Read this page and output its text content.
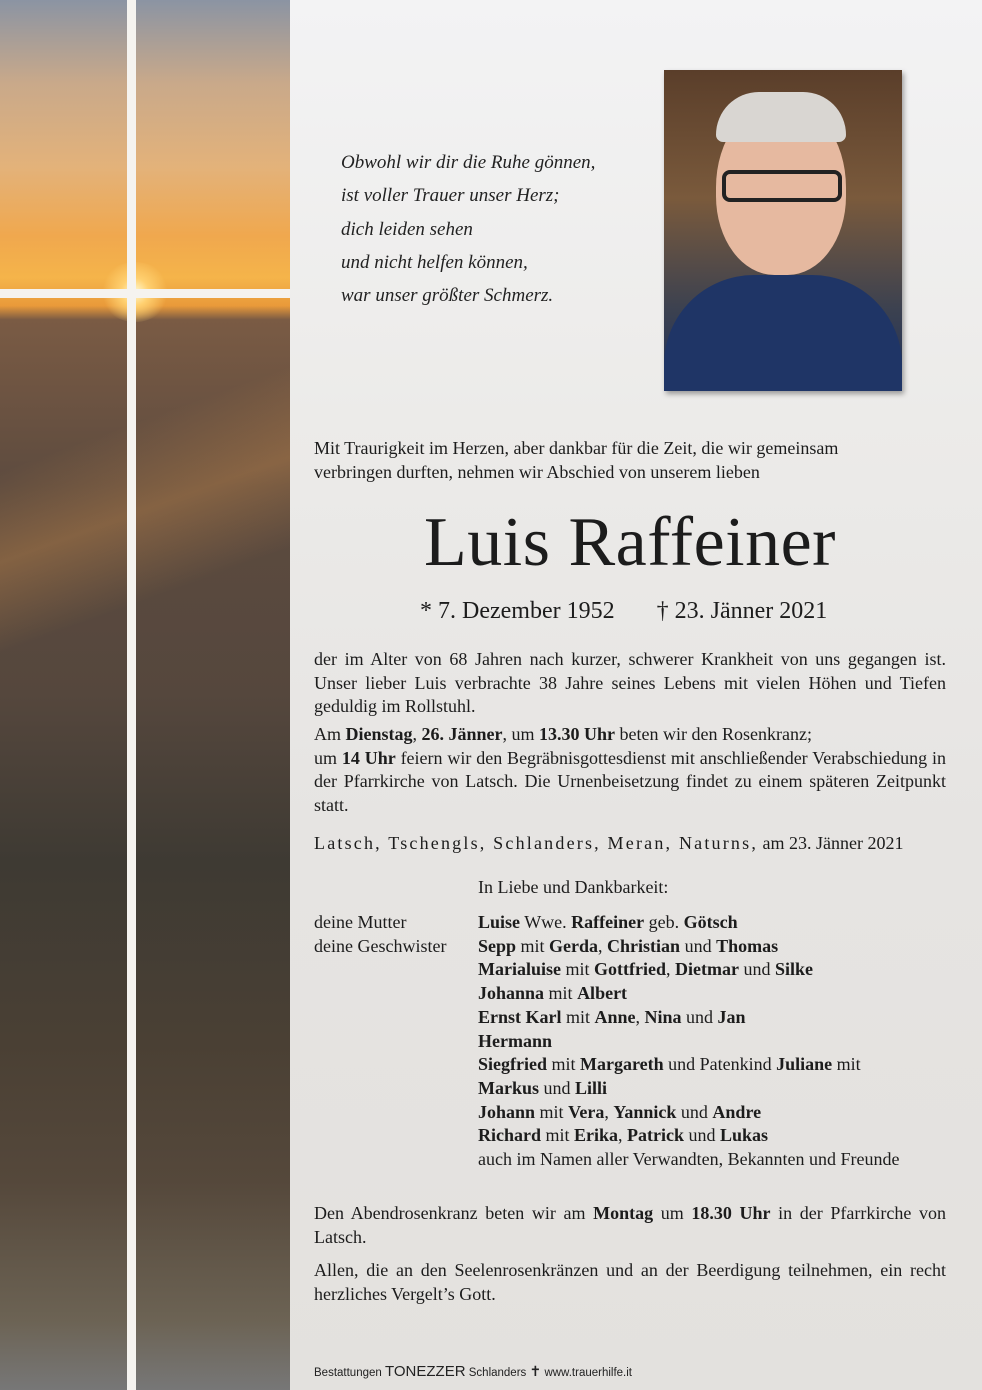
Obwohl wir dir die Ruhe gönnen,
ist voller Trauer unser Herz;
dich leiden sehen
und nicht helfen können,
war unser größter Schmerz.
Mit Traurigkeit im Herzen, aber dankbar für die Zeit, die wir gemeinsam verbringen durften, nehmen wir Abschied von unserem lieben
Luis Raffeiner
* 7. Dezember 1952 † 23. Jänner 2021
der im Alter von 68 Jahren nach kurzer, schwerer Krankheit von uns gegangen ist. Unser lieber Luis verbrachte 38 Jahre seines Lebens mit vielen Höhen und Tiefen geduldig im Rollstuhl.
Am Dienstag, 26. Jänner, um 13.30 Uhr beten wir den Rosenkranz;
um 14 Uhr feiern wir den Begräbnisgottesdienst mit anschließender Verabschiedung in der Pfarrkirche von Latsch. Die Urnenbeisetzung findet zu einem späteren Zeitpunkt statt.
Latsch, Tschengls, Schlanders, Meran, Naturns, am 23. Jänner 2021
In Liebe und Dankbarkeit:
deine Mutter	Luise Wwe. Raffeiner geb. Götsch
deine Geschwister	Sepp mit Gerda, Christian und Thomas
Marialuise mit Gottfried, Dietmar und Silke
Johanna mit Albert
Ernst Karl mit Anne, Nina und Jan
Hermann
Siegfried mit Margareth und Patenkind Juliane mit
Markus und Lilli
Johann mit Vera, Yannick und Andre
Richard mit Erika, Patrick und Lukas
auch im Namen aller Verwandten, Bekannten und Freunde
Den Abendrosenkranz beten wir am Montag um 18.30 Uhr in der Pfarrkirche von Latsch.
Allen, die an den Seelenrosenkränzen und an der Beerdigung teilnehmen, ein recht herzliches Vergelt’s Gott.
Bestattungen TONEZZER Schlanders ✝ www.trauerhilfe.it
